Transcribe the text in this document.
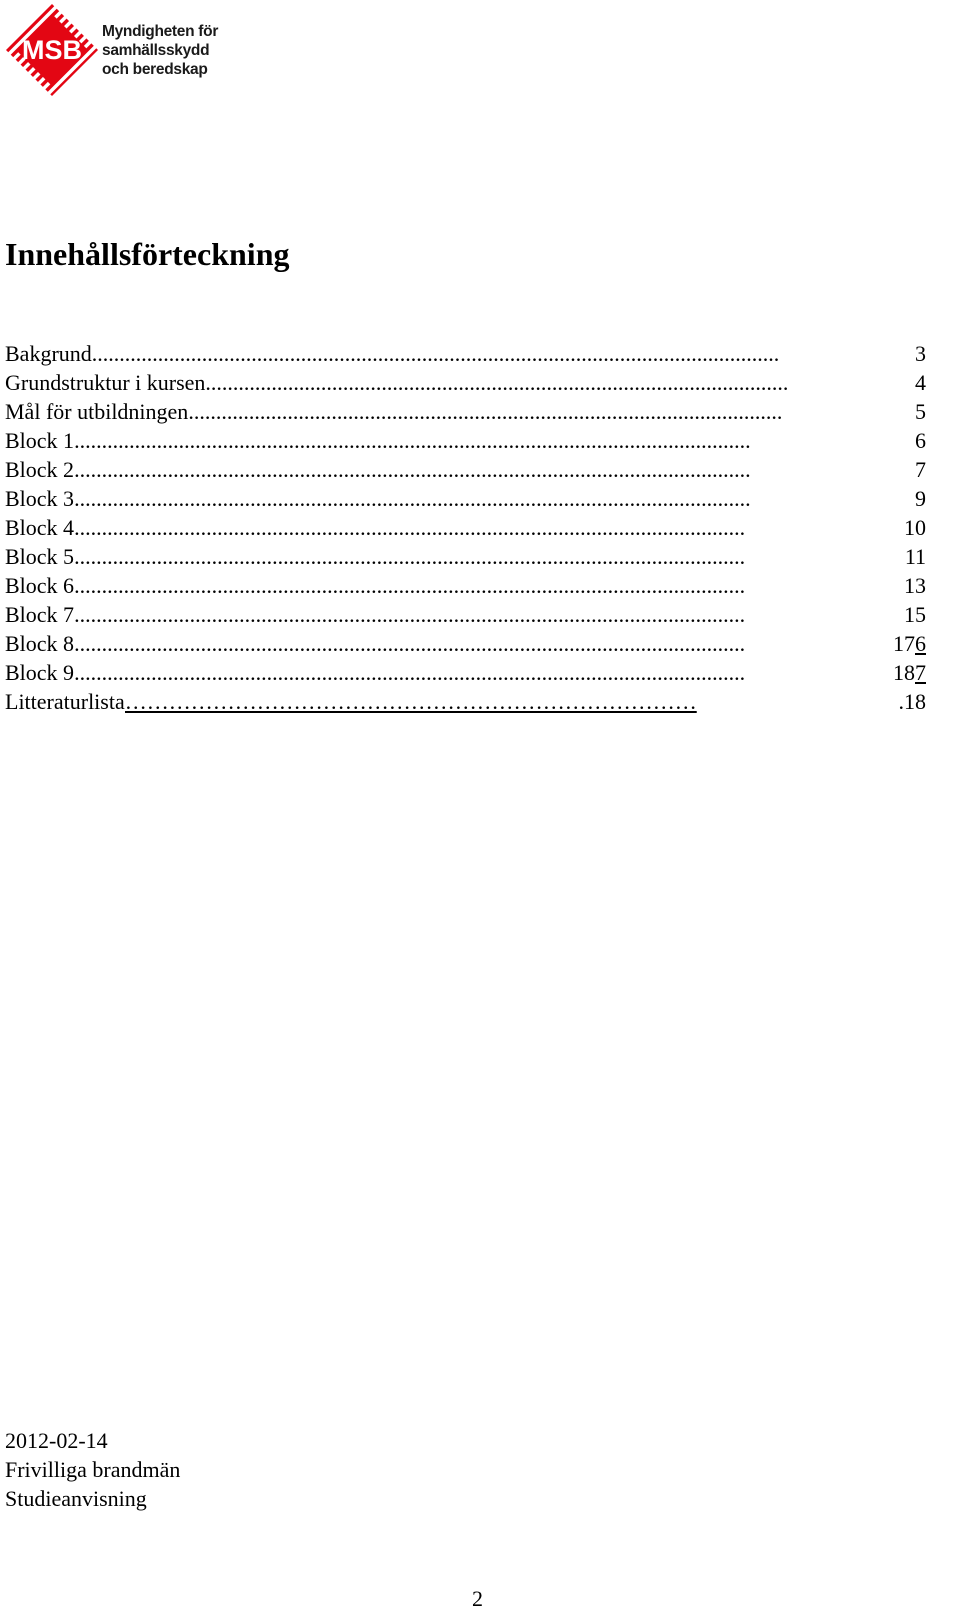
MSB
Myndigheten för
samhällsskydd
och beredskap
Innehållsförteckning
Bakgrund.............................................................................................................................	3
Grundstruktur i kursen..........................................................................................................	4
Mål för utbildningen............................................................................................................	5
Block 1...........................................................................................................................	6
Block 2...........................................................................................................................	7
Block 3...........................................................................................................................	9
Block 4..........................................................................................................................	10
Block 5..........................................................................................................................	11
Block 6..........................................................................................................................	13
Block 7..........................................................................................................................	15
Block 8..........................................................................................................................	176
Block 9..........................................................................................................................	187
Litteraturlista……………………………………………………………………	.18
2012-02-14
Frivilliga brandmän
Studieanvisning
2
